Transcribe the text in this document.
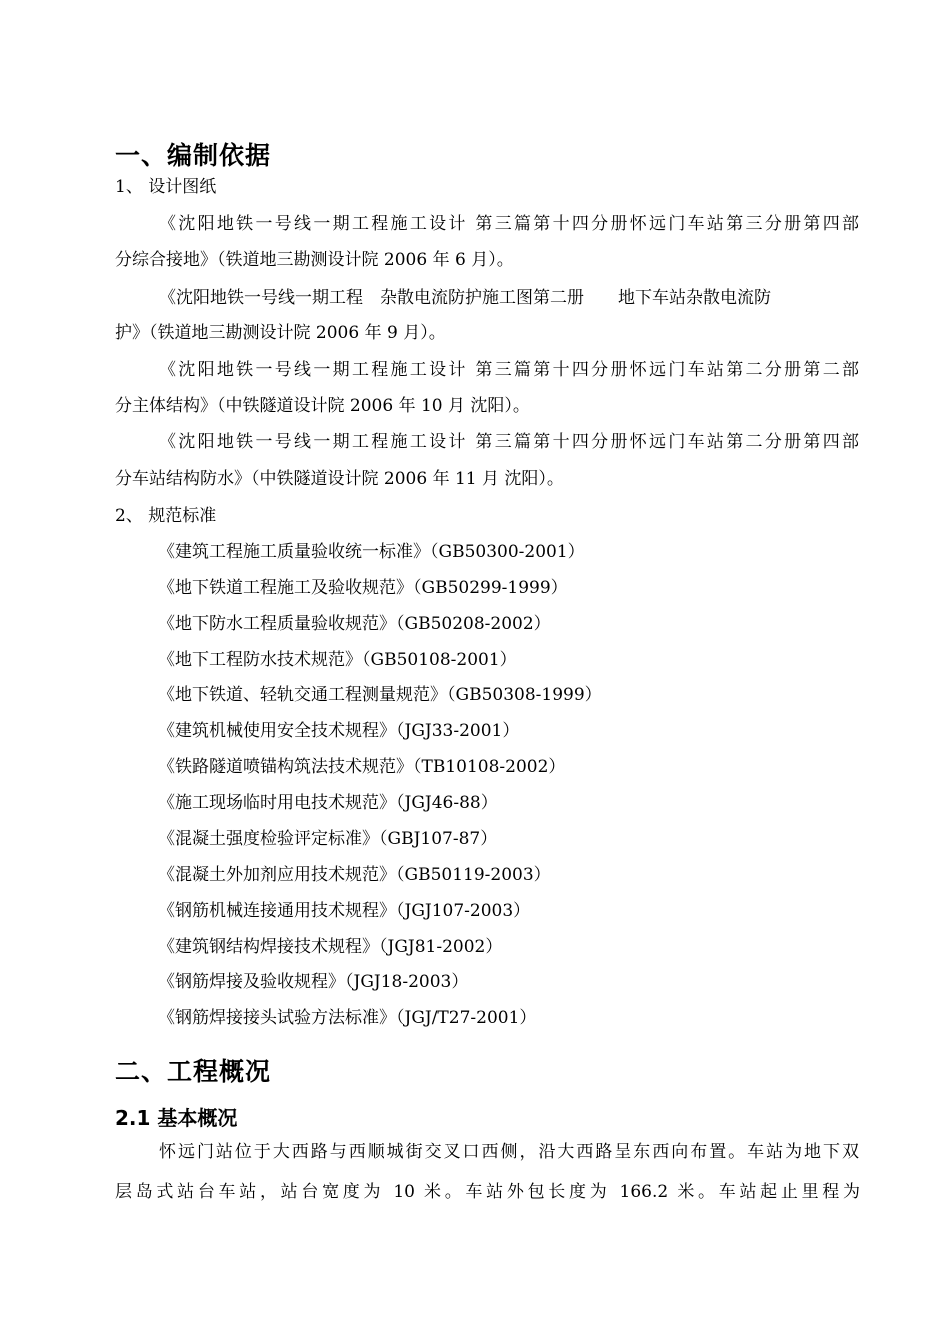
一、编制依据
1、 设计图纸
《沈阳地铁一号线一期工程施工设计 第三篇第十四分册怀远门车站第三分册第四部
分综合接地》（铁道地三勘测设计院 2006 年 6 月）。
《沈阳地铁一号线一期工程　杂散电流防护施工图第二册　　地下车站杂散电流防
护》（铁道地三勘测设计院 2006 年 9 月）。
《沈阳地铁一号线一期工程施工设计 第三篇第十四分册怀远门车站第二分册第二部
分主体结构》（中铁隧道设计院 2006 年 10 月 沈阳）。
《沈阳地铁一号线一期工程施工设计 第三篇第十四分册怀远门车站第二分册第四部
分车站结构防水》（中铁隧道设计院 2006 年 11 月 沈阳）。
2、 规范标准
《建筑工程施工质量验收统一标准》（GB50300-2001）
《地下铁道工程施工及验收规范》（GB50299-1999）
《地下防水工程质量验收规范》（GB50208-2002）
《地下工程防水技术规范》（GB50108-2001）
《地下铁道、轻轨交通工程测量规范》（GB50308-1999）
《建筑机械使用安全技术规程》（JGJ33-2001）
《铁路隧道喷锚构筑法技术规范》（TB10108-2002）
《施工现场临时用电技术规范》（JGJ46-88）
《混凝土强度检验评定标准》（GBJ107-87）
《混凝土外加剂应用技术规范》（GB50119-2003）
《钢筋机械连接通用技术规程》（JGJ107-2003）
《建筑钢结构焊接技术规程》（JGJ81-2002）
《钢筋焊接及验收规程》（JGJ18-2003）
《钢筋焊接接头试验方法标准》（JGJ/T27-2001）
二、工程概况
2.1 基本概况
怀远门站位于大西路与西顺城街交叉口西侧，沿大西路呈东西向布置。车站为地下双
层岛式站台车站，站台宽度为 10 米。车站外包长度为 166.2 米。车站起止里程为
